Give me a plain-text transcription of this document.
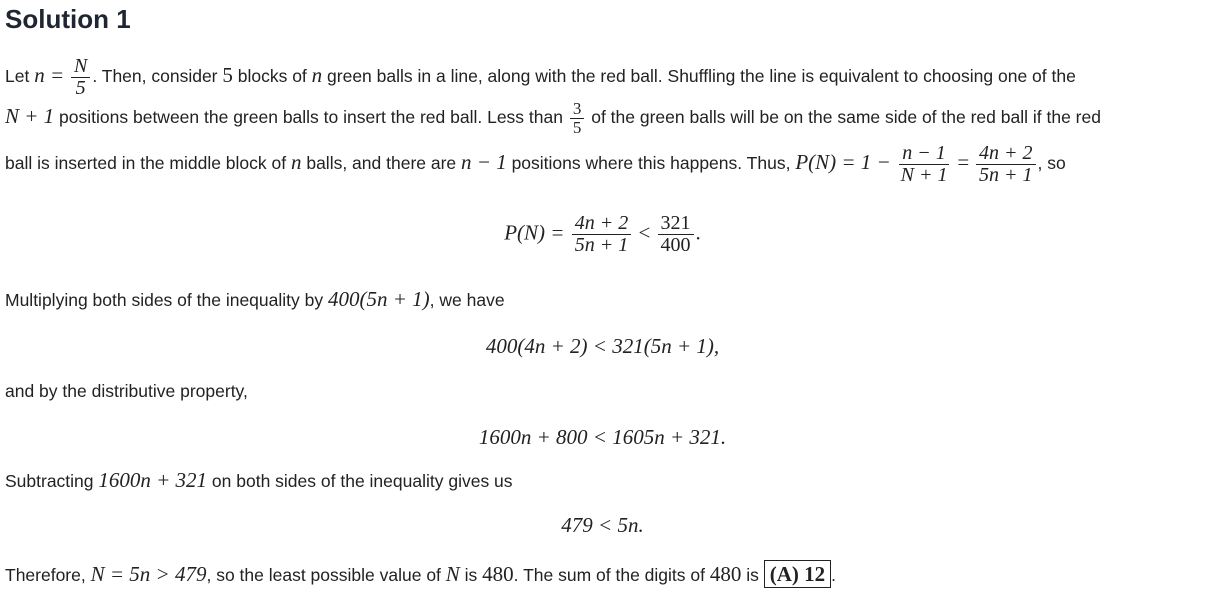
Solution 1
Let $n = \frac{N}{5}$ . Then, consider 5 blocks of n green balls in a line, along with the red ball. Shuffling the line is equivalent to choosing one of the
N + 1 positions between the green balls to insert the red ball. Less than $\frac{3}{5}$ of the green balls will be on the same side of the red ball if the red
ball is inserted in the middle block of n balls, and there are n − 1 positions where this happens. Thus, $P(N) = 1 - \frac{n - 1}{N + 1} = \frac{4n + 2}{5n + 1}$ , so
$P(N) = \frac{4n + 2}{5n + 1} < \frac{321}{400}$ .
Multiplying both sides of the inequality by 400(5n + 1), we have
400(4n + 2) < 321(5n + 1),
and by the distributive property,
1600n + 800 < 1605n + 321.
Subtracting 1600n + 321 on both sides of the inequality gives us
479 < 5n.
Therefore, N = 5n > 479, so the least possible value of N is 480. The sum of the digits of 480 is (A) 12 .
